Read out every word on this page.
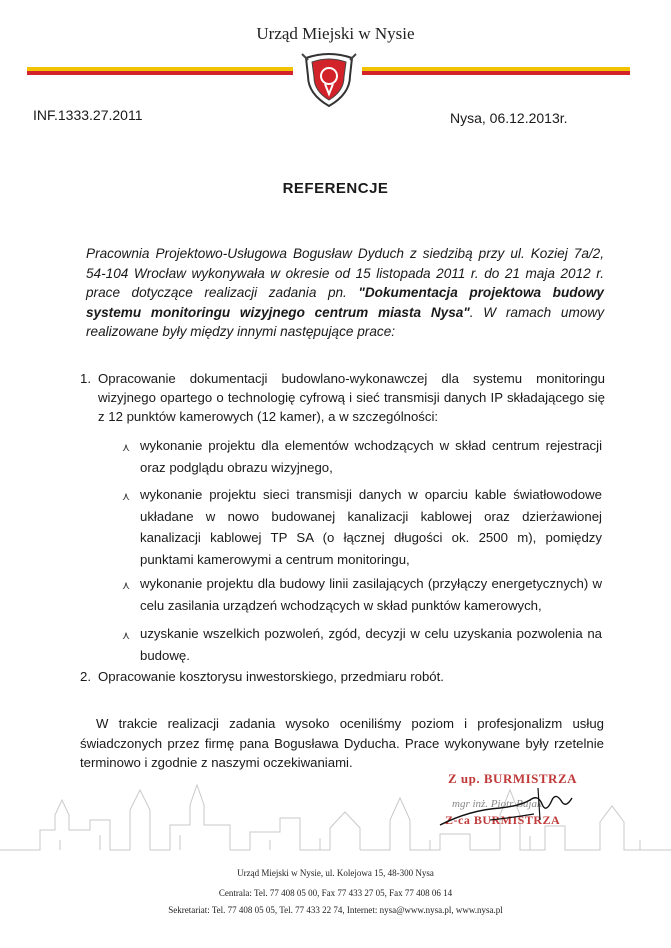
Urząd Miejski w Nysie
INF.1333.27.2011	Nysa, 06.12.2013r.
REFERENCJE
Pracownia Projektowo-Usługowa Bogusław Dyduch z siedzibą przy ul. Koziej 7a/2, 54-104 Wrocław wykonywała w okresie od 15 listopada 2011 r. do 21 maja 2012 r. prace dotyczące realizacji zadania pn. "Dokumentacja projektowa budowy systemu monitoringu wizyjnego centrum miasta Nysa". W ramach umowy realizowane były między innymi następujące prace:
1. Opracowanie dokumentacji budowlano-wykonawczej dla systemu monitoringu wizyjnego opartego o technologię cyfrową i sieć transmisji danych IP składającego się z 12 punktów kamerowych (12 kamer), a w szczególności:
⋏ wykonanie projektu dla elementów wchodzących w skład centrum rejestracji oraz podglądu obrazu wizyjnego,
⋏ wykonanie projektu sieci transmisji danych w oparciu kable światłowodowe układane w nowo budowanej kanalizacji kablowej oraz dzierżawionej kanalizacji kablowej TP SA (o łącznej długości ok. 2500 m), pomiędzy punktami kamerowymi a centrum monitoringu,
⋏ wykonanie projektu dla budowy linii zasilających (przyłączy energetycznych) w celu zasilania urządzeń wchodzących w skład punktów kamerowych,
⋏ uzyskanie wszelkich pozwoleń, zgód, decyzji w celu uzyskania pozwolenia na budowę.
2. Opracowanie kosztorysu inwestorskiego, przedmiaru robót.
W trakcie realizacji zadania wysoko oceniliśmy poziom i profesjonalizm usług świadczonych przez firmę pana Bogusława Dyducha. Prace wykonywane były rzetelnie terminowo i zgodnie z naszymi oczekiwaniami.
Z up. BURMISTRZA
mgr inż. Piotr Bujak
Z-ca BURMISTRZA
Urząd Miejski w Nysie, ul. Kolejowa 15, 48-300 Nysa
Centrala: Tel. 77 408 05 00, Fax 77 433 27 05, Fax 77 408 06 14
Sekretariat: Tel. 77 408 05 05, Tel. 77 433 22 74, Internet: nysa@www.nysa.pl, www.nysa.pl
